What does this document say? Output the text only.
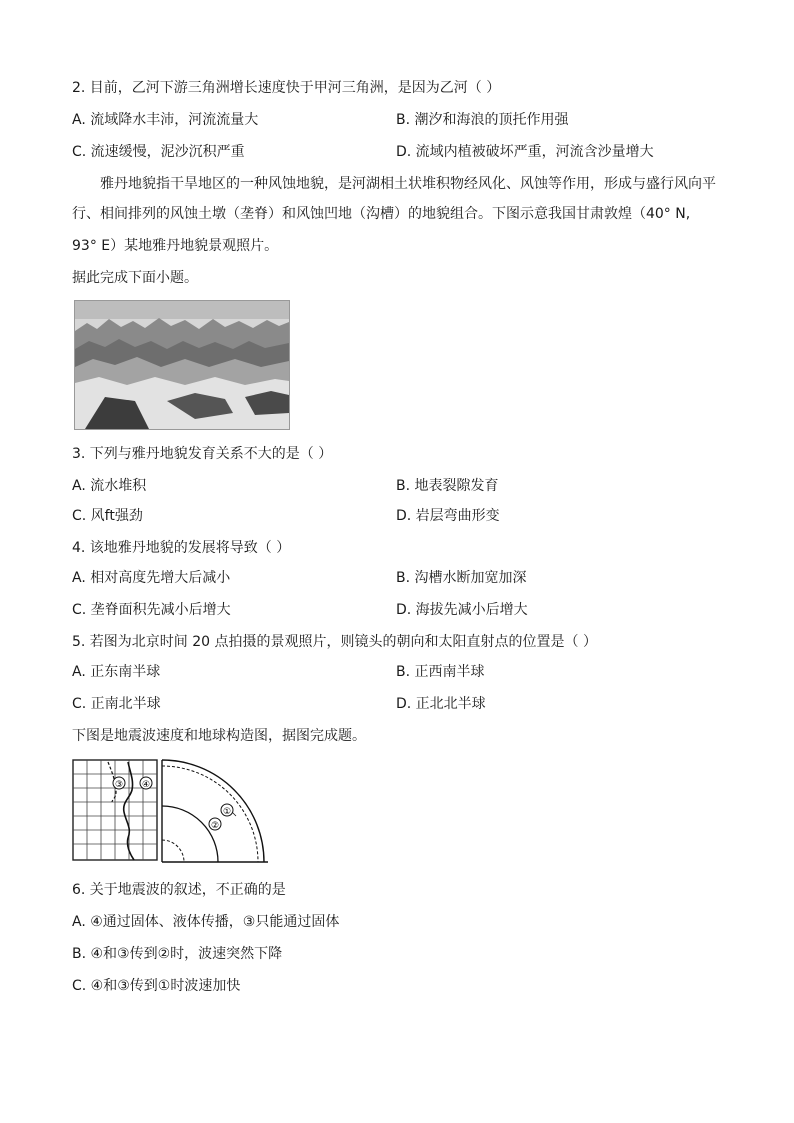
2. 目前，乙河下游三角洲增长速度快于甲河三角洲，是因为乙河（ ）
A. 流域降水丰沛，河流流量大	B. 潮汐和海浪的顶托作用强
C. 流速缓慢，泥沙沉积严重	D. 流域内植被破坏严重，河流含沙量增大
雅丹地貌指干旱地区的一种风蚀地貌，是河湖相土状堆积物经风化、风蚀等作用，形成与盛行风向平
行、相间排列的风蚀土墩（垄脊）和风蚀凹地（沟槽）的地貌组合。下图示意我国甘肃敦煌（40° N,
93° E）某地雅丹地貌景观照片。
据此完成下面小题。
3. 下列与雅丹地貌发育关系不大的是（ ）
A. 流水堆积	B. 地表裂隙发育
C. 风ft强劲	D. 岩层弯曲形变
4. 该地雅丹地貌的发展将导致（ ）
A. 相对高度先增大后减小	B. 沟槽水断加宽加深
C. 垄脊面积先减小后增大	D. 海拔先减小后增大
5. 若图为北京时间 20 点拍摄的景观照片，则镜头的朝向和太阳直射点的位置是（ ）
A. 正东南半球	B. 正西南半球
C. 正南北半球	D. 正北北半球
下图是地震波速度和地球构造图，据图完成题。
③ ④
①
②
6. 关于地震波的叙述，不正确的是
A. ④通过固体、液体传播，③只能通过固体
B. ④和③传到②时，波速突然下降
C. ④和③传到①时波速加快
